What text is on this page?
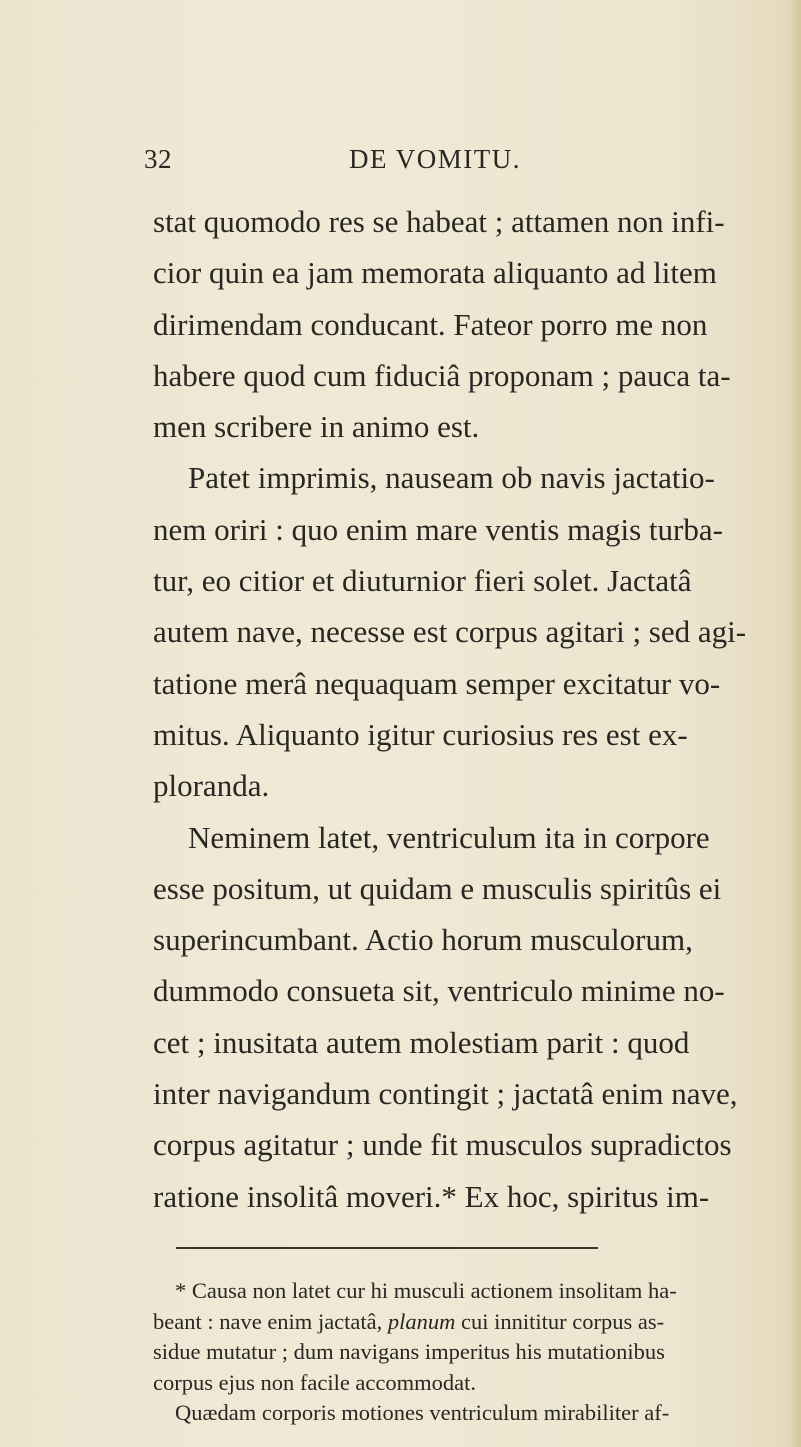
32	DE VOMITU.
stat quomodo res se habeat ; attamen non infi-
cior quin ea jam memorata aliquanto ad litem
dirimendam conducant. Fateor porro me non
habere quod cum fiduciâ proponam ; pauca ta-
men scribere in animo est.
Patet imprimis, nauseam ob navis jactatio-
nem oriri : quo enim mare ventis magis turba-
tur, eo citior et diuturnior fieri solet. Jactatâ
autem nave, necesse est corpus agitari ; sed agi-
tatione merâ nequaquam semper excitatur vo-
mitus. Aliquanto igitur curiosius res est ex-
ploranda.
Neminem latet, ventriculum ita in corpore
esse positum, ut quidam e musculis spiritûs ei
superincumbant. Actio horum musculorum,
dummodo consueta sit, ventriculo minime no-
cet ; inusitata autem molestiam parit : quod
inter navigandum contingit ; jactatâ enim nave,
corpus agitatur ; unde fit musculos supradictos
ratione insolitâ moveri.* Ex hoc, spiritus im-
* Causa non latet cur hi musculi actionem insolitam ha-
beant : nave enim jactatâ, planum cui innititur corpus as-
sidue mutatur ; dum navigans imperitus his mutationibus
corpus ejus non facile accommodat.
Quædam corporis motiones ventriculum mirabiliter af-
